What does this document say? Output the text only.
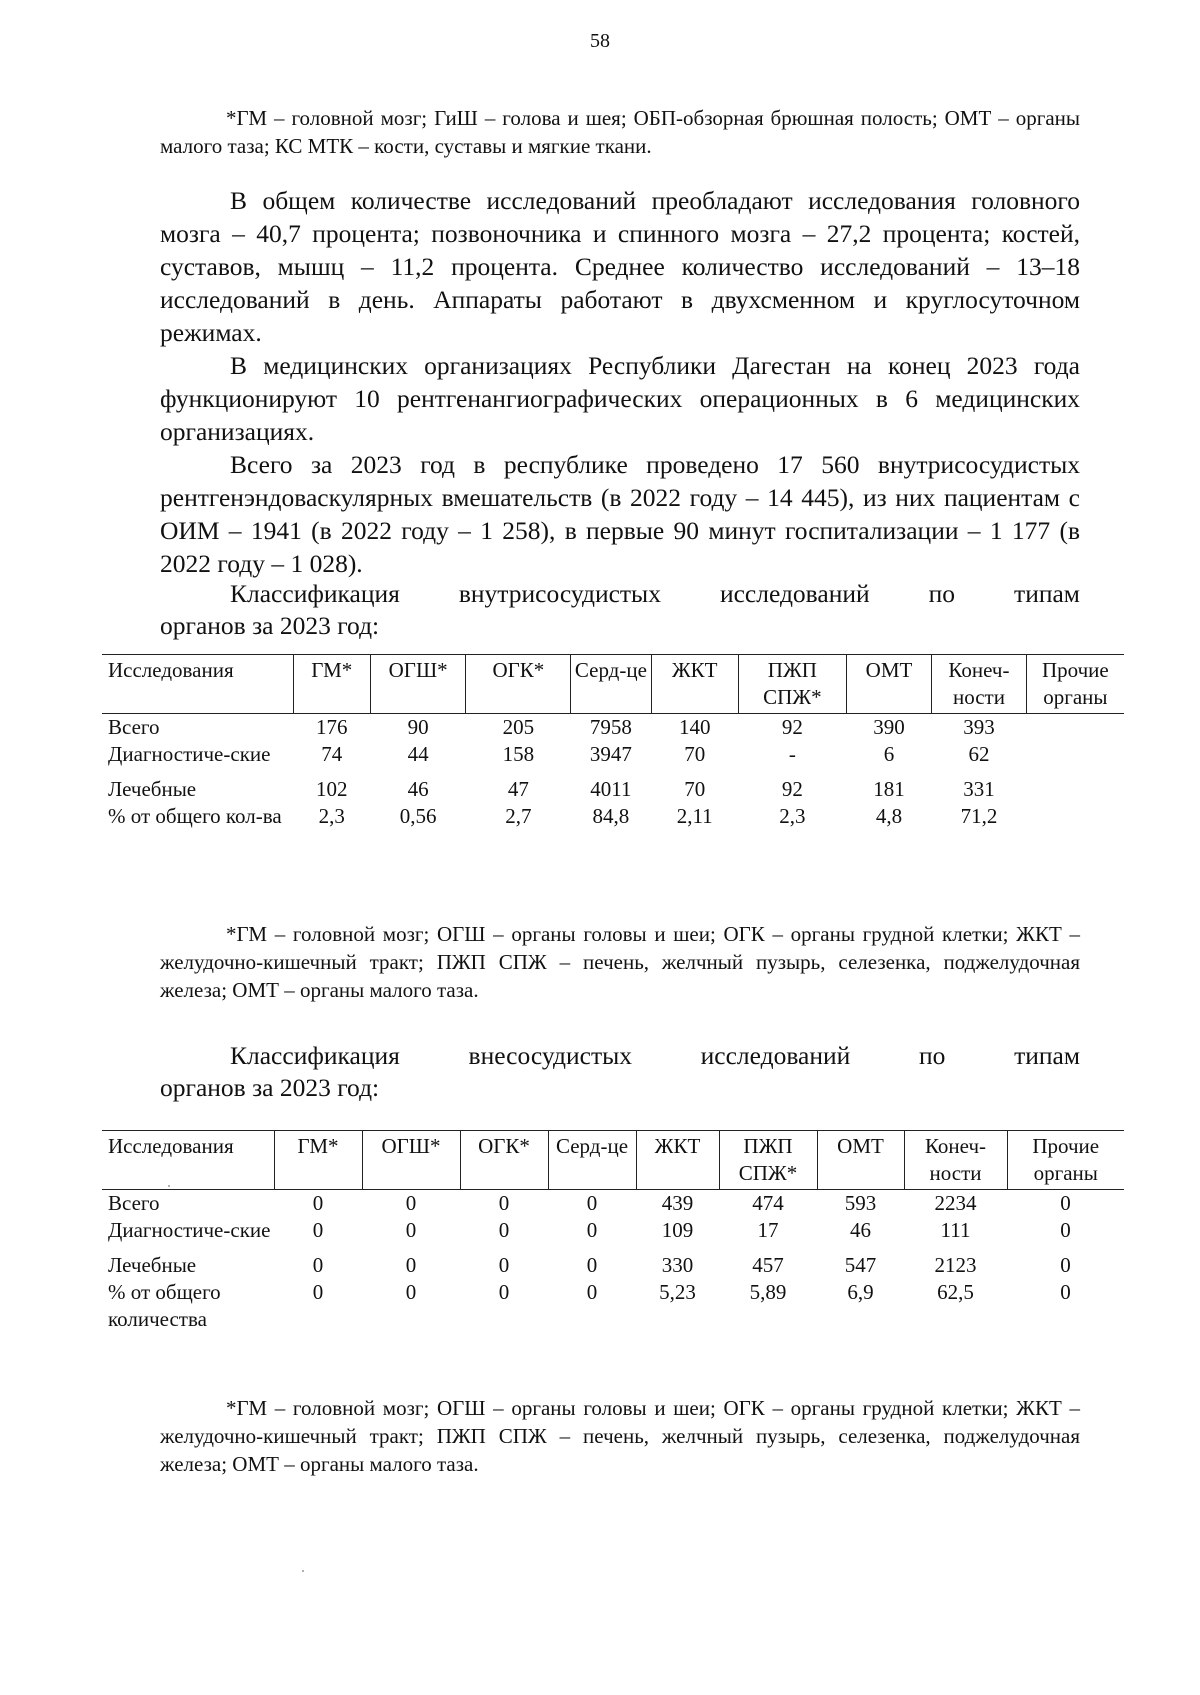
58
*ГМ – головной мозг; ГиШ – голова и шея; ОБП-обзорная брюшная полость; ОМТ – органы малого таза; КС МТК – кости, суставы и мягкие ткани.

В общем количестве исследований преобладают исследования головного мозга – 40,7 процента; позвоночника и спинного мозга – 27,2 процента; костей, суставов, мышц – 11,2 процента. Среднее количество исследований – 13–18 исследований в день. Аппараты работают в двухсменном и круглосуточном режимах.

В медицинских организациях Республики Дагестан на конец 2023 года функционируют 10 рентгенангиографических операционных в 6 медицинских организациях.

Всего за 2023 год в республике проведено 17 560 внутрисосудистых рентгенэндоваскулярных вмешательств (в 2022 году – 14 445), из них пациентам с ОИМ – 1941 (в 2022 году – 1 258), в первые 90 минут госпитализации – 1 177 (в 2022 году – 1 028).

Классификация внутрисосудистых исследований по типам
органов за 2023 год:
Исследования	ГМ*	ОГШ*	ОГК*	Серд-це	ЖКТ	ПЖП СПЖ*	ОМТ	Конеч-ности	Прочие органы
Всего	176	90	205	7958	140	92	390	393	
Диагностиче-ские	74	44	158	3947	70	-	6	62	
Лечебные	102	46	47	4011	70	92	181	331	
% от общего кол-ва	2,3	0,56	2,7	84,8	2,11	2,3	4,8	71,2	
*ГМ – головной мозг; ОГШ – органы головы и шеи; ОГК – органы грудной клетки; ЖКТ – желудочно-кишечный тракт; ПЖП СПЖ – печень, желчный пузырь, селезенка, поджелудочная железа; ОМТ – органы малого таза.
Классификация	внесосудистых	исследований	по	типам
органов за 2023 год:
Исследования	ГМ*	ОГШ*	ОГК*	Серд-це	ЖКТ	ПЖП СПЖ*	ОМТ	Конеч-ности	Прочие органы
Всего	0	0	0	0	439	474	593	2234	0
Диагностиче-ские	0	0	0	0	109	17	46	111	0
Лечебные	0	0	0	0	330	457	547	2123	0
% от общего количества	0	0	0	0	5,23	5,89	6,9	62,5	0
*ГМ – головной мозг; ОГШ – органы головы и шеи; ОГК – органы грудной клетки; ЖКТ – желудочно-кишечный тракт; ПЖП СПЖ – печень, желчный пузырь, селезенка, поджелудочная железа; ОМТ – органы малого таза.
